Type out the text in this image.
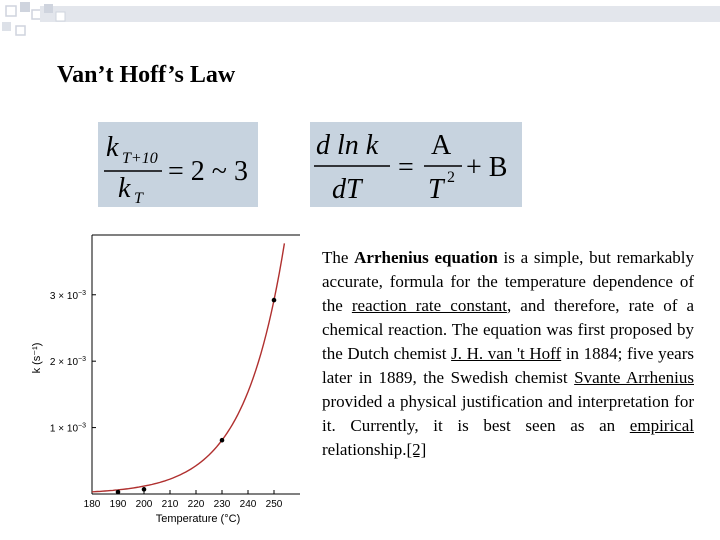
Van’t Hoff’s Law
k T+10
k T
= 2 ~ 3
d ln k
dT
=
A
T 2 + B
$1 \times 10^{-3}$
$2 \times 10^{-3}$
$3 \times 10^{-3}$
180 190 200 210 220 230 240 250
Temperature (°C)
k (s⁻¹)
The Arrhenius equation is a simple, but remarkably accurate, formula for the temperature dependence of the reaction rate constant, and therefore, rate of a chemical reaction. The equation was first proposed by the Dutch chemist J. H. van 't Hoff in 1884; five years later in 1889, the Swedish chemist Svante Arrhenius provided a physical justification and interpretation for it. Currently, it is best seen as an empirical relationship.[2]
